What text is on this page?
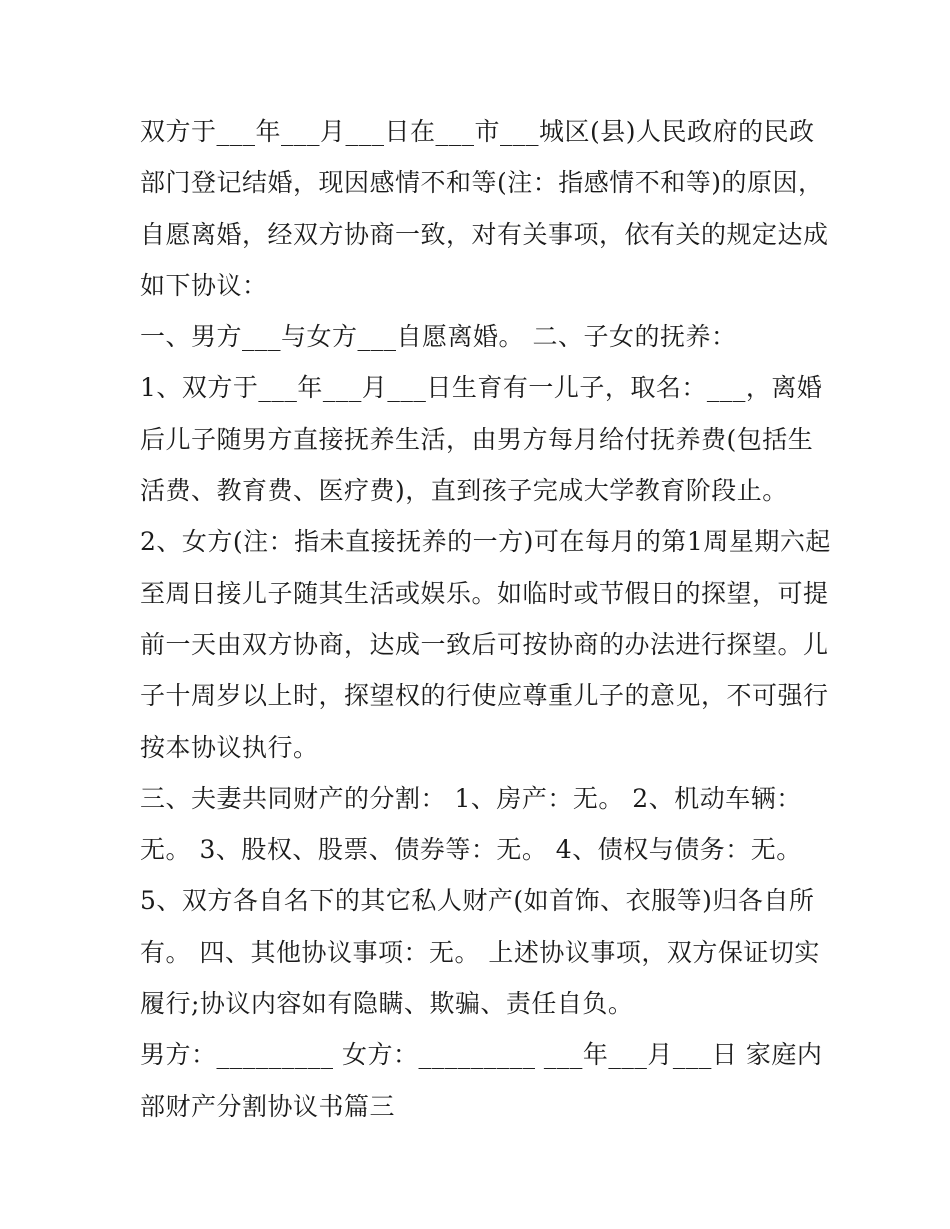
双方于___年___月___日在___市___城区(县)人民政府的民政
部门登记结婚，现因感情不和等(注：指感情不和等)的原因，
自愿离婚，经双方协商一致，对有关事项，依有关的规定达成
如下协议：
一、男方___与女方___自愿离婚。 二、子女的抚养：
1、双方于___年___月___日生育有一儿子，取名：___，离婚
后儿子随男方直接抚养生活，由男方每月给付抚养费(包括生
活费、教育费、医疗费)，直到孩子完成大学教育阶段止。
2、女方(注：指未直接抚养的一方)可在每月的第1周星期六起
至周日接儿子随其生活或娱乐。如临时或节假日的探望，可提
前一天由双方协商，达成一致后可按协商的办法进行探望。儿
子十周岁以上时，探望权的行使应尊重儿子的意见，不可强行
按本协议执行。
三、夫妻共同财产的分割： 1、房产：无。 2、机动车辆：
无。 3、股权、股票、债券等：无。 4、债权与债务：无。
5、双方各自名下的其它私人财产(如首饰、衣服等)归各自所
有。 四、其他协议事项：无。 上述协议事项，双方保证切实
履行;协议内容如有隐瞒、欺骗、责任自负。
男方：_________ 女方：_________ ___年___月___日 家庭内
部财产分割协议书篇三
